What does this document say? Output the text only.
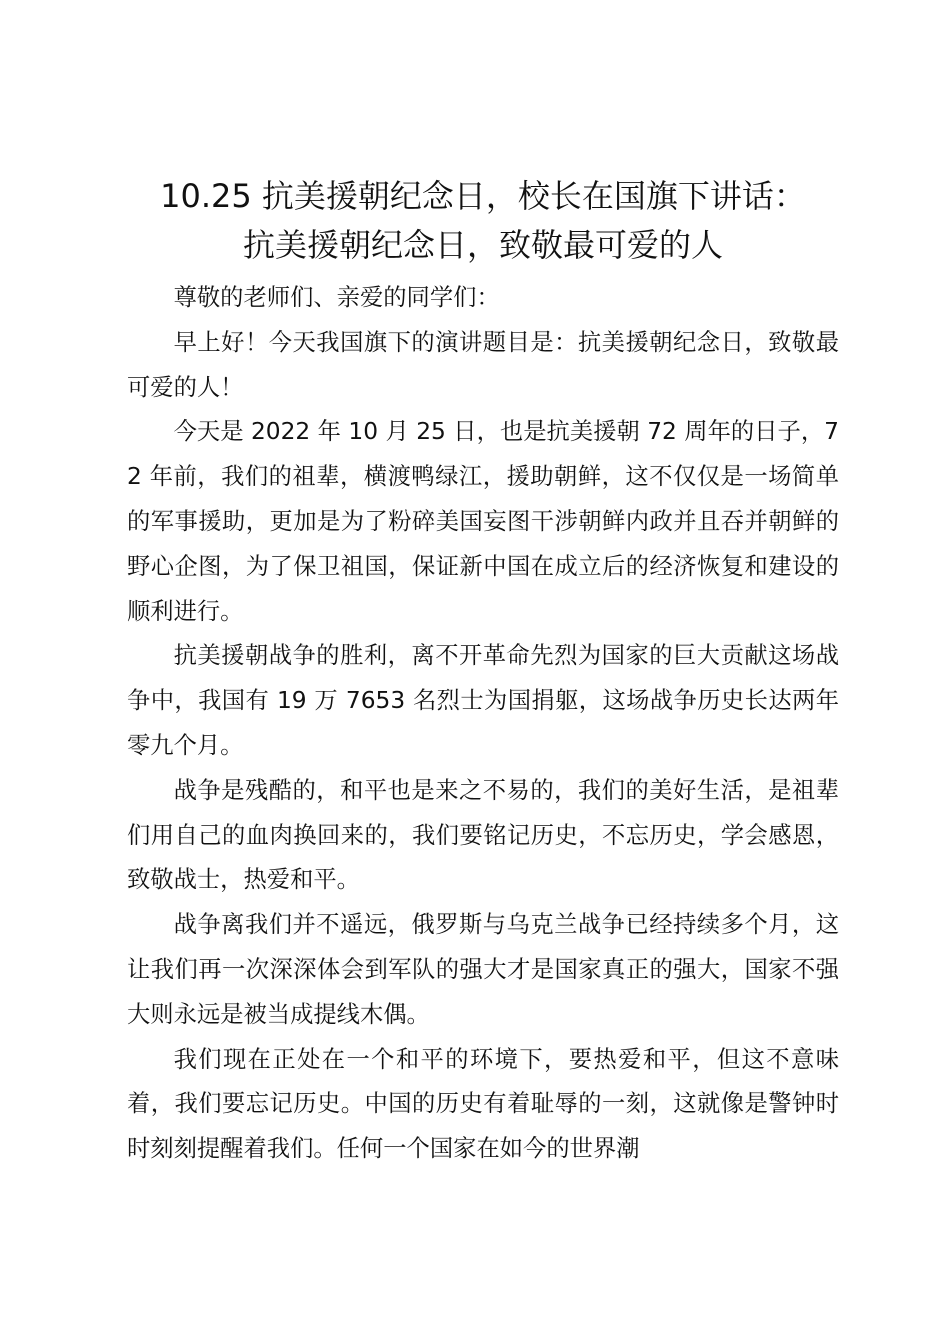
10.25 抗美援朝纪念日，校长在国旗下讲话：
抗美援朝纪念日，致敬最可爱的人

尊敬的老师们、亲爱的同学们：

早上好！今天我国旗下的演讲题目是：抗美援朝纪念日，致敬最可爱的人！

今天是 2022 年 10 月 25 日，也是抗美援朝 72 周年的日子，72 年前，我们的祖辈，横渡鸭绿江，援助朝鲜，这不仅仅是一场简单的军事援助，更加是为了粉碎美国妄图干涉朝鲜内政并且吞并朝鲜的野心企图，为了保卫祖国，保证新中国在成立后的经济恢复和建设的顺利进行。

抗美援朝战争的胜利，离不开革命先烈为国家的巨大贡献这场战争中，我国有 19 万 7653 名烈士为国捐躯，这场战争历史长达两年零九个月。

战争是残酷的，和平也是来之不易的，我们的美好生活，是祖辈们用自己的血肉换回来的，我们要铭记历史，不忘历史，学会感恩，致敬战士，热爱和平。

战争离我们并不遥远，俄罗斯与乌克兰战争已经持续多个月，这让我们再一次深深体会到军队的强大才是国家真正的强大，国家不强大则永远是被当成提线木偶。

我们现在正处在一个和平的环境下，要热爱和平，但这不意味着，我们要忘记历史。中国的历史有着耻辱的一刻，这就像是警钟时时刻刻提醒着我们。任何一个国家在如今的世界潮
